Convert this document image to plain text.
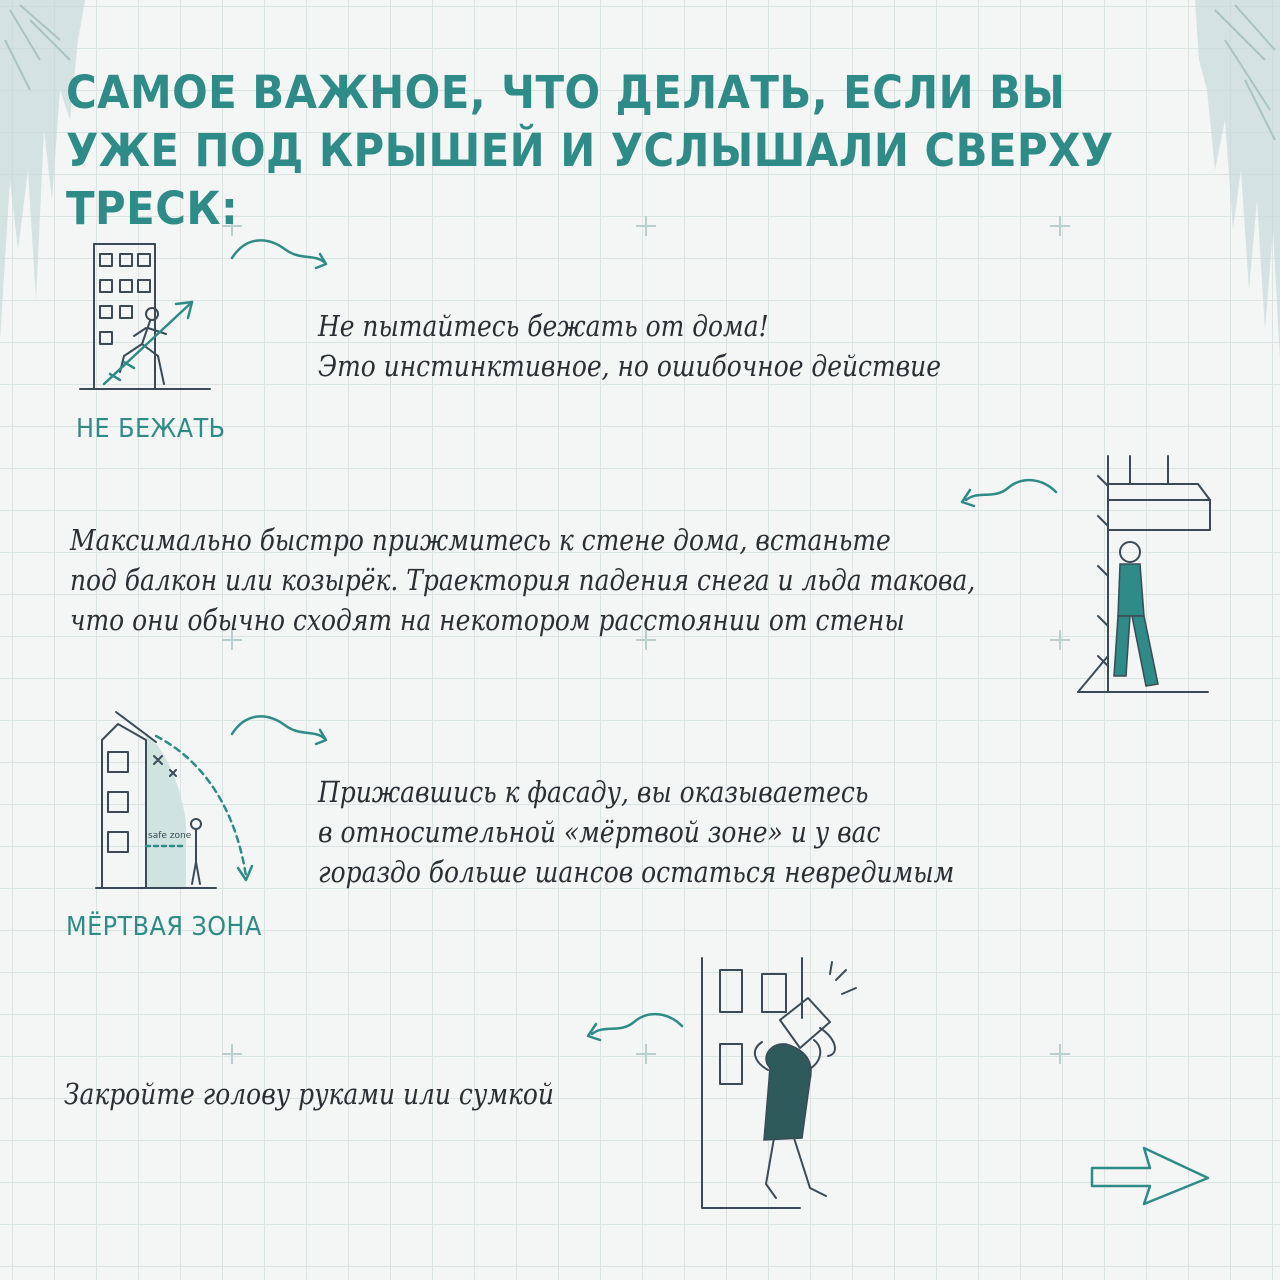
САМОЕ ВАЖНОЕ, ЧТО ДЕЛАТЬ, ЕСЛИ ВЫ УЖЕ ПОД КРЫШЕЙ И УСЛЫШАЛИ СВЕРХУ ТРЕСК:
НЕ БЕЖАТЬ
Не пытайтесь бежать от дома!
Это инстинктивное, но ошибочное действие
Максимально быстро прижмитесь к стене дома, встаньте
под балкон или козырёк. Траектория падения снега и льда такова,
что они обычно сходят на некотором расстоянии от стены
safe zone
МЁРТВАЯ ЗОНА
Прижавшись к фасаду, вы оказываетесь
в относительной «мёртвой зоне» и у вас
гораздо больше шансов остаться невредимым
Закройте голову руками или сумкой
